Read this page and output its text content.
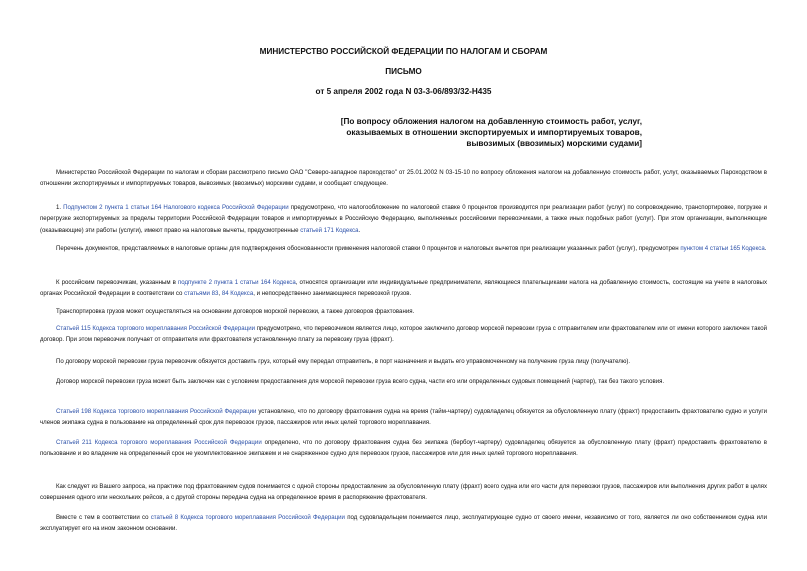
МИНИСТЕРСТВО РОССИЙСКОЙ ФЕДЕРАЦИИ ПО НАЛОГАМ И СБОРАМ
ПИСЬМО
от 5 апреля 2002 года N 03-3-06/893/32-Н435
[По вопросу обложения налогом на добавленную стоимость работ, услуг,
оказываемых в отношении экспортируемых и импортируемых товаров,
вывозимых (ввозимых) морскими судами]
Министерство Российской Федерации по налогам и сборам рассмотрело письмо ОАО "Северо-западное пароходство" от 25.01.2002 N 03-15-10 по вопросу обложения налогом на добавленную стоимость работ, услуг, оказываемых Пароходством в отношении экспортируемых и импортируемых товаров, вывозимых (ввозимых) морскими судами, и сообщает следующее.
1. Подпунктом 2 пункта 1 статьи 164 Налогового кодекса Российской Федерации предусмотрено, что налогообложение по налоговой ставке 0 процентов производится при реализации работ (услуг) по сопровождению, транспортировке, погрузке и перегрузке экспортируемых за пределы территории Российской Федерации товаров и импортируемых в Российскую Федерацию, выполняемых российскими перевозчиками, а также иных подобных работ (услуг). При этом организации, выполняющие (оказывающие) эти работы (услуги), имеют право на налоговые вычеты, предусмотренные статьей 171 Кодекса.
Перечень документов, представляемых в налоговые органы для подтверждения обоснованности применения налоговой ставки 0 процентов и налоговых вычетов при реализации указанных работ (услуг), предусмотрен пунктом 4 статьи 165 Кодекса.
К российским перевозчикам, указанным в подпункте 2 пункта 1 статьи 164 Кодекса, относятся организации или индивидуальные предприниматели, являющиеся плательщиками налога на добавленную стоимость, состоящие на учете в налоговых органах Российской Федерации в соответствии со статьями 83, 84 Кодекса, и непосредственно занимающиеся перевозкой грузов.
Транспортировка грузов может осуществляться на основании договоров морской перевозки, а также договоров фрахтования.
Статьей 115 Кодекса торгового мореплавания Российской Федерации предусмотрено, что перевозчиком является лицо, которое заключило договор морской перевозки груза с отправителем или фрахтователем или от имени которого заключен такой договор. При этом перевозчик получает от отправителя или фрахтователя установленную плату за перевозку груза (фрахт).
По договору морской перевозки груза перевозчик обязуется доставить груз, который ему передал отправитель, в порт назначения и выдать его управомоченному на получение груза лицу (получателю).
Договор морской перевозки груза может быть заключен как с условием предоставления для морской перевозки груза всего судна, части его или определенных судовых помещений (чартер), так без такого условия.
Статьей 198 Кодекса торгового мореплавания Российской Федерации установлено, что по договору фрахтования судна на время (тайм-чартеру) судовладелец обязуется за обусловленную плату (фрахт) предоставить фрахтователю судно и услуги членов экипажа судна в пользование на определенный срок для перевозок грузов, пассажиров или иных целей торгового мореплавания.
Статьей 211 Кодекса торгового мореплавания Российской Федерации определено, что по договору фрахтования судна без экипажа (бербоут-чартеру) судовладелец обязуется за обусловленную плату (фрахт) предоставить фрахтователю в пользование и во владение на определенный срок не укомплектованное экипажем и не снаряженное судно для перевозок грузов, пассажиров или для иных целей торгового мореплавания.
Как следует из Вашего запроса, на практике под фрахтованием судов понимается с одной стороны предоставление за обусловленную плату (фрахт) всего судна или его части для перевозки грузов, пассажиров или выполнения других работ в целях совершения одного или нескольких рейсов, а с другой стороны передача судна на определенное время в распоряжение фрахтователя.
Вместе с тем в соответствии со статьей 8 Кодекса торгового мореплавания Российской Федерации под судовладельцем понимается лицо, эксплуатирующее судно от своего имени, независимо от того, является ли оно собственником судна или эксплуатирует его на ином законном основании.
